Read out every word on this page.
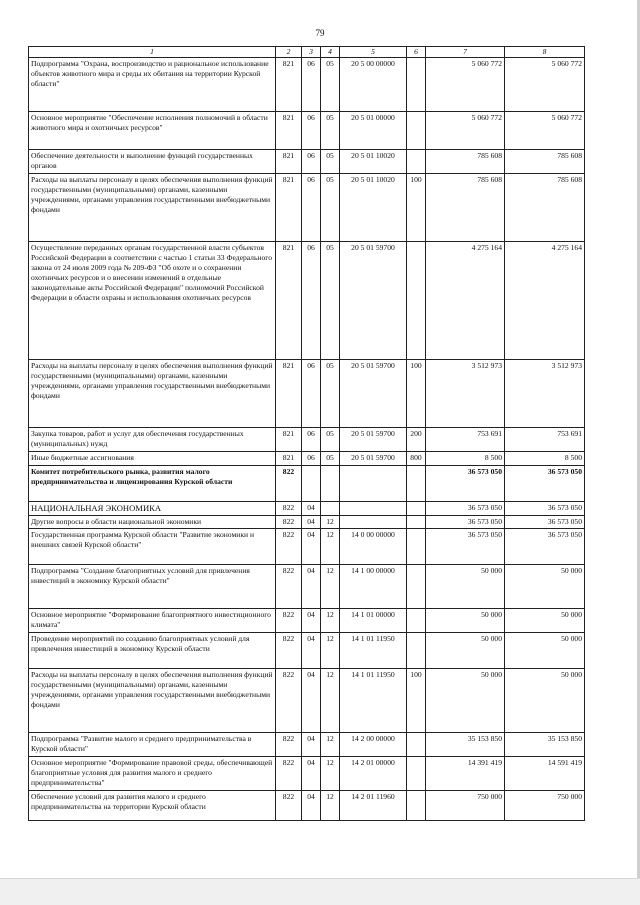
79
1	2	3	4	5	6	7	8
Подпрограмма "Охрана, воспроизводство и рациональное использование объектов животного мира и среды их обитания на территории Курской области"	821	06	05	20 5 00 00000		5 060 772	5 060 772
Основное мероприятие "Обеспечение исполнения полномочий в области животного мира и охотничьих ресурсов"	821	06	05	20 5 01 00000		5 060 772	5 060 772
Обеспечение деятельности и выполнение функций государственных органов	821	06	05	20 5 01 10020		785 608	785 608
Расходы на выплаты персоналу в целях обеспечения выполнения функций государственными (муниципальными) органами, казенными учреждениями, органами управления государственными внебюджетными фондами	821	06	05	20 5 01 10020	100	785 608	785 608
Осуществление переданных органам государственной власти субъектов Российской Федерации в соответствии с частью 1 статьи 33 Федерального закона от 24 июля 2009 года № 209-ФЗ "Об охоте и о сохранении охотничьих ресурсов и о внесении изменений в отдельные законодательные акты Российской Федерации" полномочий Российской Федерации в области охраны и использования охотничьих ресурсов	821	06	05	20 5 01 59700		4 275 164	4 275 164
Расходы на выплаты персоналу в целях обеспечения выполнения функций государственными (муниципальными) органами, казенными учреждениями, органами управления государственными внебюджетными фондами	821	06	05	20 5 01 59700	100	3 512 973	3 512 973
Закупка товаров, работ и услуг для обеспечения государственных (муниципальных) нужд	821	06	05	20 5 01 59700	200	753 691	753 691
Иные бюджетные ассигнования	821	06	05	20 5 01 59700	800	8 500	8 500
Комитет потребительского рынка, развития малого предпринимательства и лицензирования Курской области	822					36 573 050	36 573 050
НАЦИОНАЛЬНАЯ ЭКОНОМИКА	822	04				36 573 050	36 573 050
Другие вопросы в области национальной экономики	822	04	12			36 573 050	36 573 050
Государственная программа Курской области "Развитие экономики и внешних связей Курской области"	822	04	12	14 0 00 00000		36 573 050	36 573 050
Подпрограмма "Создание благоприятных условий для привлечения инвестиций в экономику Курской области"	822	04	12	14 1 00 00000		50 000	50 000
Основное мероприятие "Формирование благоприятного инвестиционного климата"	822	04	12	14 1 01 00000		50 000	50 000
Проведение мероприятий по созданию благоприятных условий для привлечения инвестиций в экономику Курской области	822	04	12	14 1 01 11950		50 000	50 000
Расходы на выплаты персоналу в целях обеспечения выполнения функций государственными (муниципальными) органами, казенными учреждениями, органами управления государственными внебюджетными фондами	822	04	12	14 1 01 11950	100	50 000	50 000
Подпрограмма "Развитие малого и среднего предпринимательства в Курской области"	822	04	12	14 2 00 00000		35 153 850	35 153 850
Основное мероприятие "Формирование правовой среды, обеспечивающей благоприятные условия для развития малого и среднего предпринимательства"	822	04	12	14 2 01 00000		14 391 419	14 591 419
Обеспечение условий для развития малого и среднего предпринимательства на территории Курской области	822	04	12	14 2 01 11960		750 000	750 000
